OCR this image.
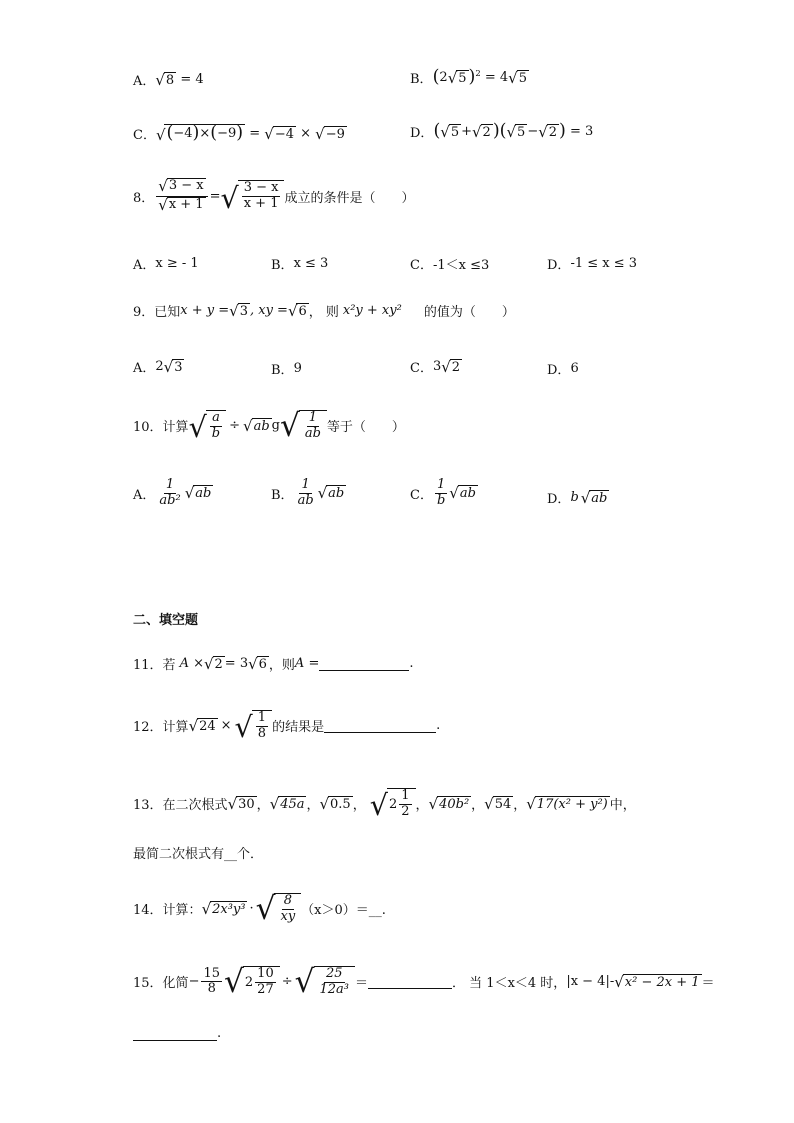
A． √ 8 = 4	B． ( 2 √ 5 )$^2$ = 4 √ 5
C． √ ( −4 ) × ( −9 ) = √ −4 × √ −9	D． ( √ 5 + √ 2 )( √ 5 − √ 2 ) = 3
8． $\frac{√ 3 - x}{√ x + 1}$ = √ $\frac{3 - x}{x + 1}$ 成立的条件是（　　）
A． x ≥ - 1	B． x ≤ 3	C． -1＜x ≤3	D． -1 ≤ x ≤ 3
9． 已知 x + y = √ 3 , xy = √ 6 ， 则 x²y + xy² 的值为（　　）
A． 2 √ 3	B． 9	C． 3 √ 2	D． 6
10． 计算 √ $\frac{a}{b}$ ÷ √ ab g √ $\frac{1}{ab}$ 等于（　　）
A． $\frac{1}{\text{ab²}}$ √ ab	B． $\frac{1}{ab}$ √ ab	C． $\frac{1}{b}$ √ ab	D． b √ ab
二、填空题
11． 若 A × √ 2 = 3 √ 6 ，则 A =	.
12． 计算 √ 24 × √ $\frac{1}{8}$ 的结果是	.
13． 在二次根式 √ 30 ， √ 45a ， √ 0.5 ， √ $2 \frac{1}{2}$ ， √ 40b² ， √ 54 ， √ 17(x² + y²) 中，
最简二次根式有__个．
14． 计算： √ 2x³y³ · √ $\frac{8}{xy}$ （x＞0）＝__.
15． 化简 − $\frac{15}{8}$ √ $2 \frac{10}{27}$ ÷ √ $\frac{25}{\text{12a³}}$ ＝	． 当 1＜x＜4 时， |x − 4|- √ x² − 2x + 1 ＝
.
